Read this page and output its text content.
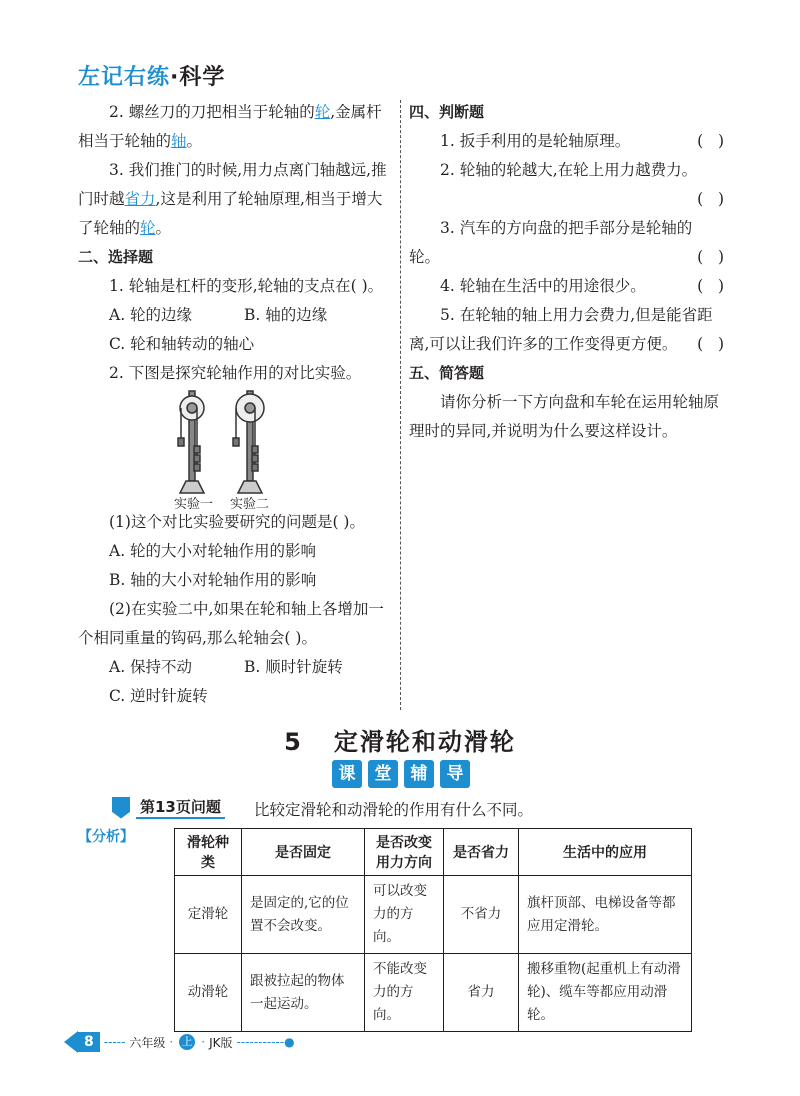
左记右练·科学

2. 螺丝刀的刀把相当于轮轴的轮,金属杆相当于轮轴的轴。

3. 我们推门的时候,用力点离门轴越远,推门时越省力,这是利用了轮轴原理,相当于增大了轮轴的轮。

二、选择题

1. 轮轴是杠杆的变形,轮轴的支点在( )。

A. 轮的边缘	B. 轴的边缘

C. 轮和轴转动的轴心

2. 下图是探究轮轴作用的对比实验。

实验一 实验二

(1)这个对比实验要研究的问题是( )。

A. 轮的大小对轮轴作用的影响

B. 轴的大小对轮轴作用的影响

(2)在实验二中,如果在轮和轴上各增加一个相同重量的钩码,那么轮轴会( )。

A. 保持不动	B. 顺时针旋转

C. 逆时针旋转

四、判断题

1. 扳手利用的是轮轴原理。	(   )

2. 轮轴的轮越大,在轮上用力越费力。

(   )

3. 汽车的方向盘的把手部分是轮轴的

轮。	(   )
4. 轮轴在生活中的用途很少。	(   )

5. 在轮轴的轴上用力会费力,但是能省距

离,可以让我们许多的工作变得更方便。 (   )

五、简答题

请你分析一下方向盘和车轮在运用轮轴原理时的异同,并说明为什么要这样设计。

5 定滑轮和动滑轮
课	堂	辅	导
第13页问题 比较定滑轮和动滑轮的作用有什么不同。
【分析】	滑轮种类	是否固定	是否改变用力方向	是否省力	生活中的应用
定滑轮	是固定的,它的位置不会改变。	可以改变力的方向。	不省力	旗杆顶部、电梯设备等都应用定滑轮。
动滑轮	跟被拉起的物体一起运动。	不能改变力的方向。	省力	搬移重物(起重机上有动滑轮)、缆车等都应用动滑轮。
8 ----- 六年级 · 上 · JK版 -----------●
